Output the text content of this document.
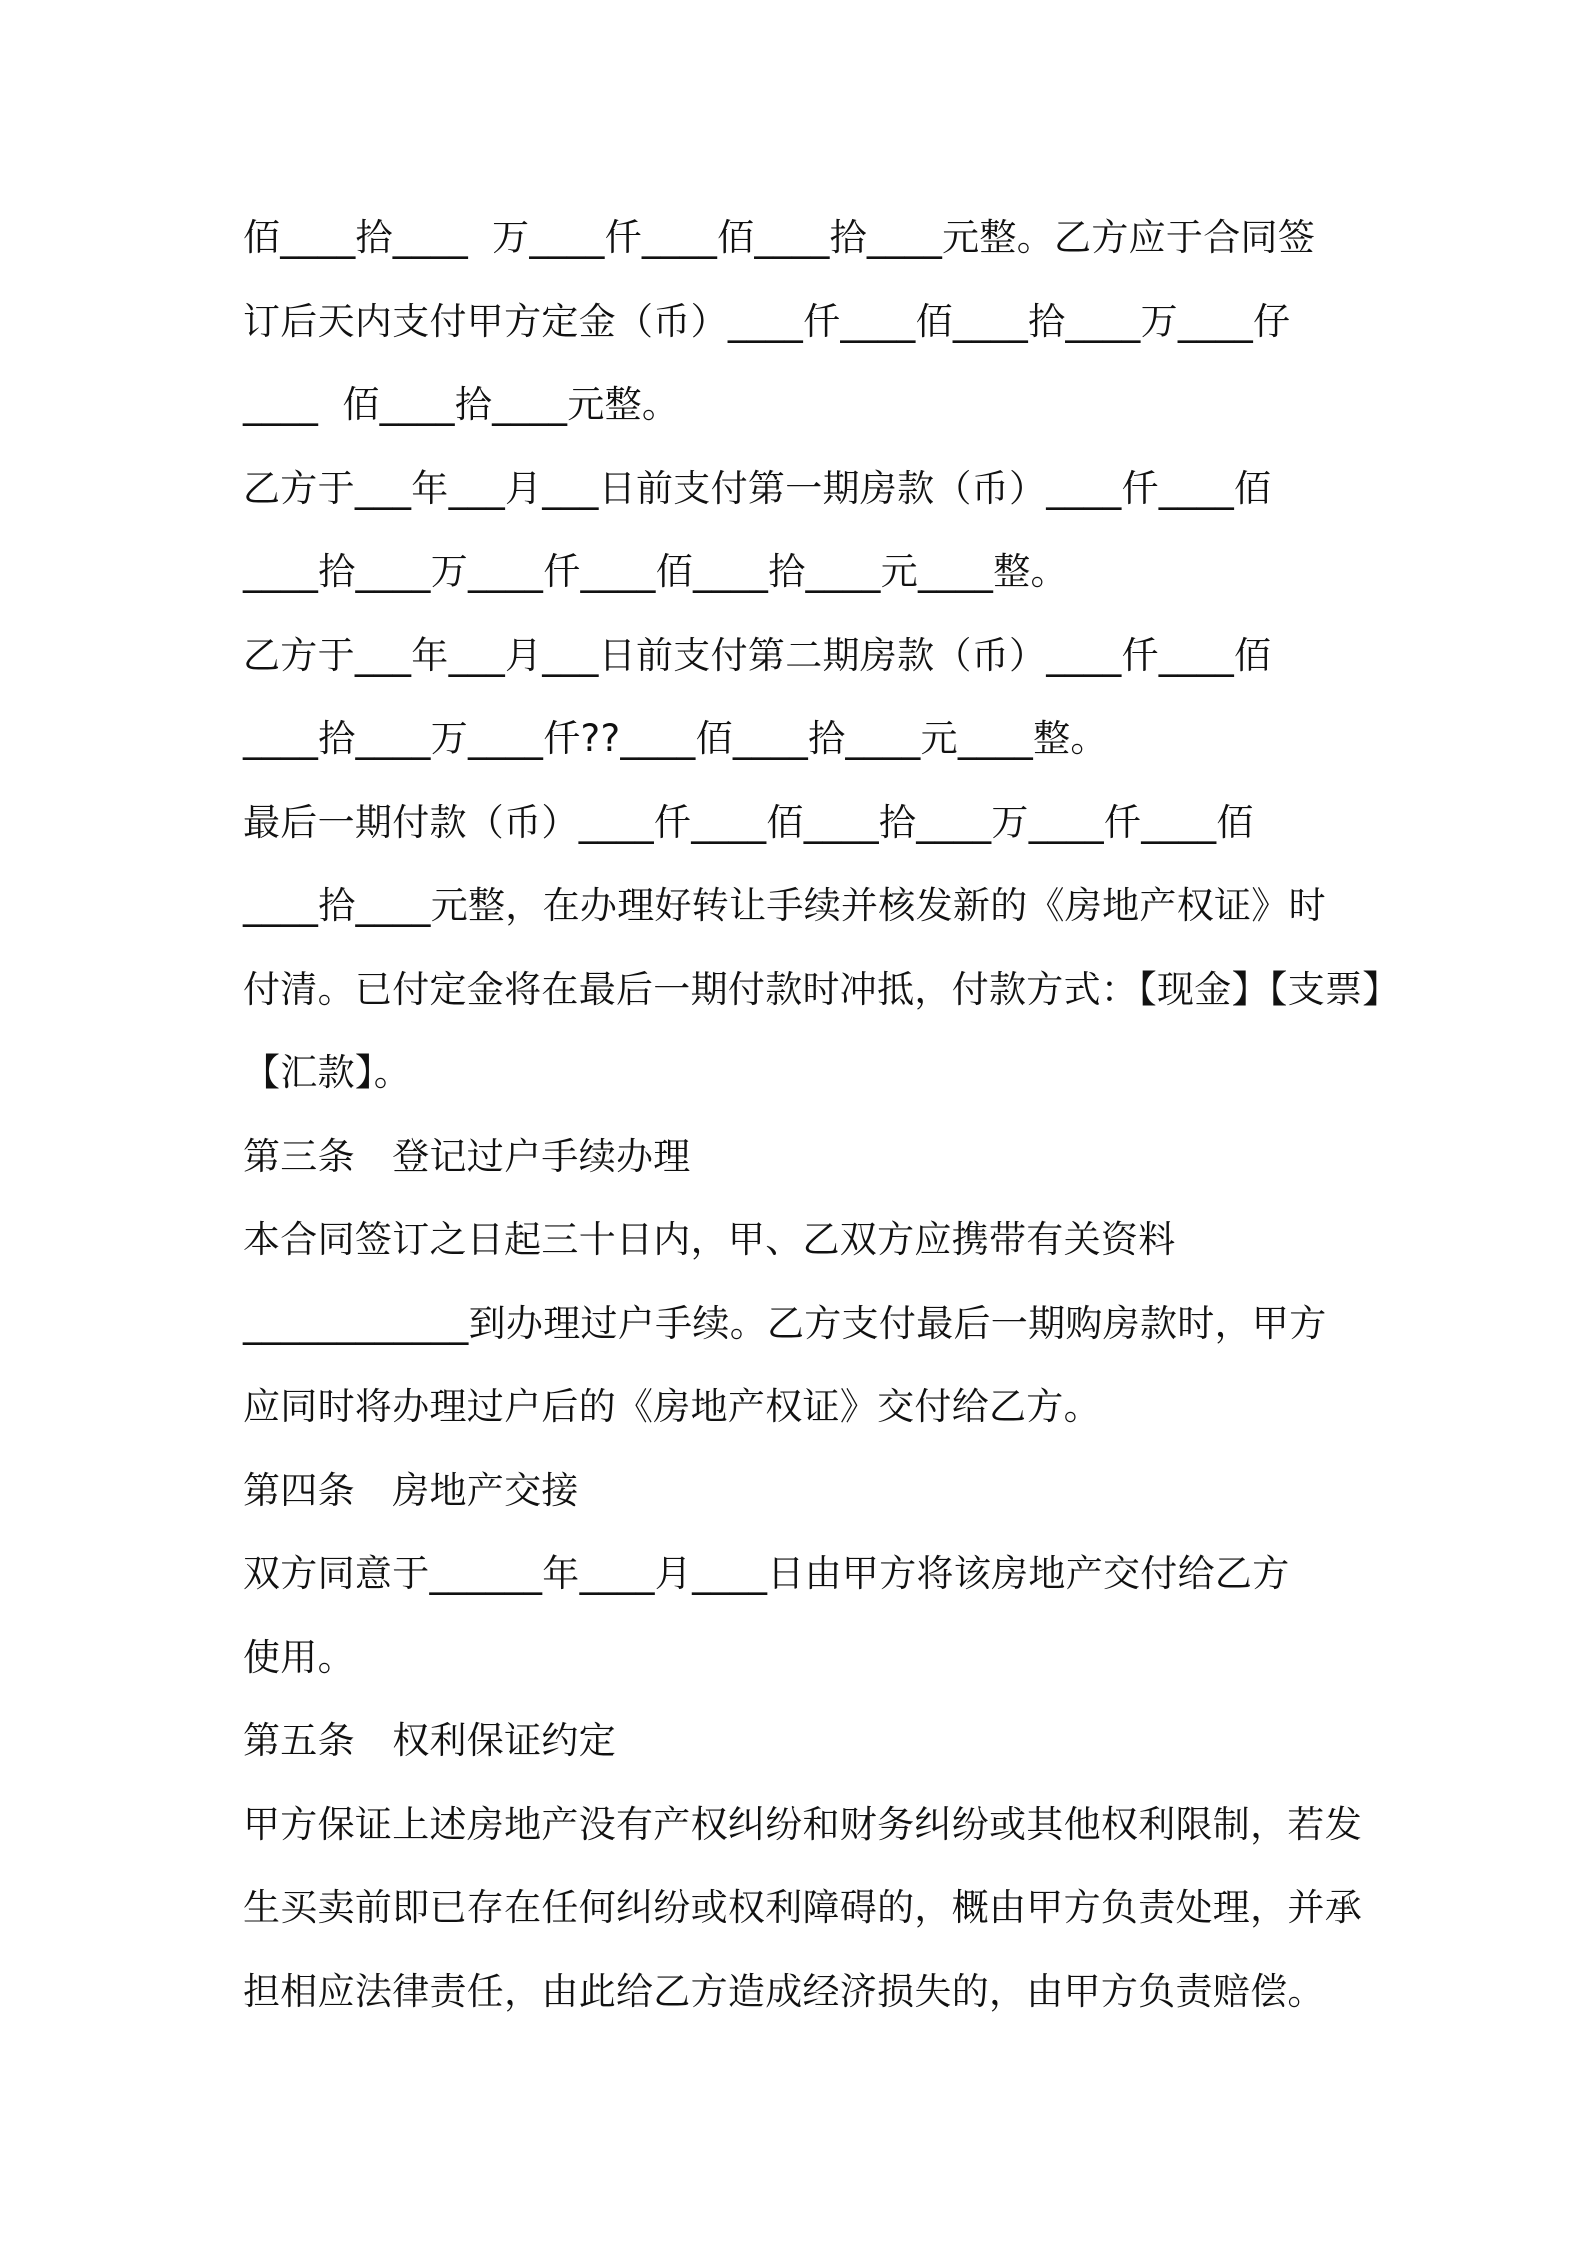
佰____拾____  万____仟____佰____拾____元整。乙方应于合同签
订后天内支付甲方定金（币）____仟____佰____拾____万____仔
____  佰____拾____元整。
乙方于___年___月___日前支付第一期房款（币）____仟____佰
____拾____万____仟____佰____拾____元____整。
乙方于___年___月___日前支付第二期房款（币）____仟____佰
____拾____万____仟??____佰____拾____元____整。
最后一期付款（币）____仟____佰____拾____万____仟____佰
____拾____元整，在办理好转让手续并核发新的《房地产权证》时
付清。已付定金将在最后一期付款时冲抵，付款方式：【现金】【支票】
【汇款】。
第三条　登记过户手续办理
本合同签订之日起三十日内，甲、乙双方应携带有关资料
____________到办理过户手续。乙方支付最后一期购房款时，甲方
应同时将办理过户后的《房地产权证》交付给乙方。
第四条　房地产交接
双方同意于______年____月____日由甲方将该房地产交付给乙方
使用。
第五条　权利保证约定
甲方保证上述房地产没有产权纠纷和财务纠纷或其他权利限制，若发
生买卖前即已存在任何纠纷或权利障碍的，概由甲方负责处理，并承
担相应法律责任，由此给乙方造成经济损失的，由甲方负责赔偿。
